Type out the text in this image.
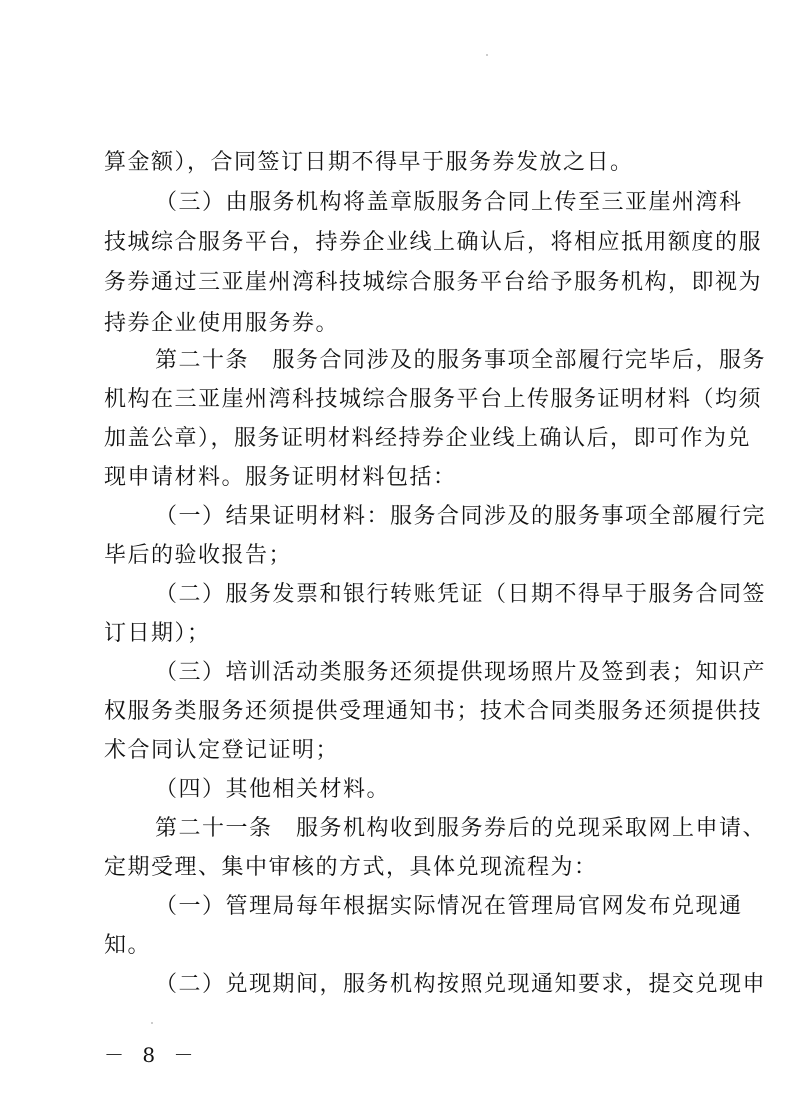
算金额），合同签订日期不得早于服务券发放之日。
（三）由服务机构将盖章版服务合同上传至三亚崖州湾科
技城综合服务平台，持券企业线上确认后，将相应抵用额度的服
务券通过三亚崖州湾科技城综合服务平台给予服务机构，即视为
持券企业使用服务券。
第二十条　服务合同涉及的服务事项全部履行完毕后，服务
机构在三亚崖州湾科技城综合服务平台上传服务证明材料（均须
加盖公章），服务证明材料经持券企业线上确认后，即可作为兑
现申请材料。服务证明材料包括：
（一）结果证明材料：服务合同涉及的服务事项全部履行完
毕后的验收报告；
（二）服务发票和银行转账凭证（日期不得早于服务合同签
订日期）；
（三）培训活动类服务还须提供现场照片及签到表；知识产
权服务类服务还须提供受理通知书；技术合同类服务还须提供技
术合同认定登记证明；
（四）其他相关材料。
第二十一条　服务机构收到服务券后的兑现采取网上申请、
定期受理、集中审核的方式，具体兑现流程为：
（一）管理局每年根据实际情况在管理局官网发布兑现通
知。
（二）兑现期间，服务机构按照兑现通知要求，提交兑现申
－ 8 －
